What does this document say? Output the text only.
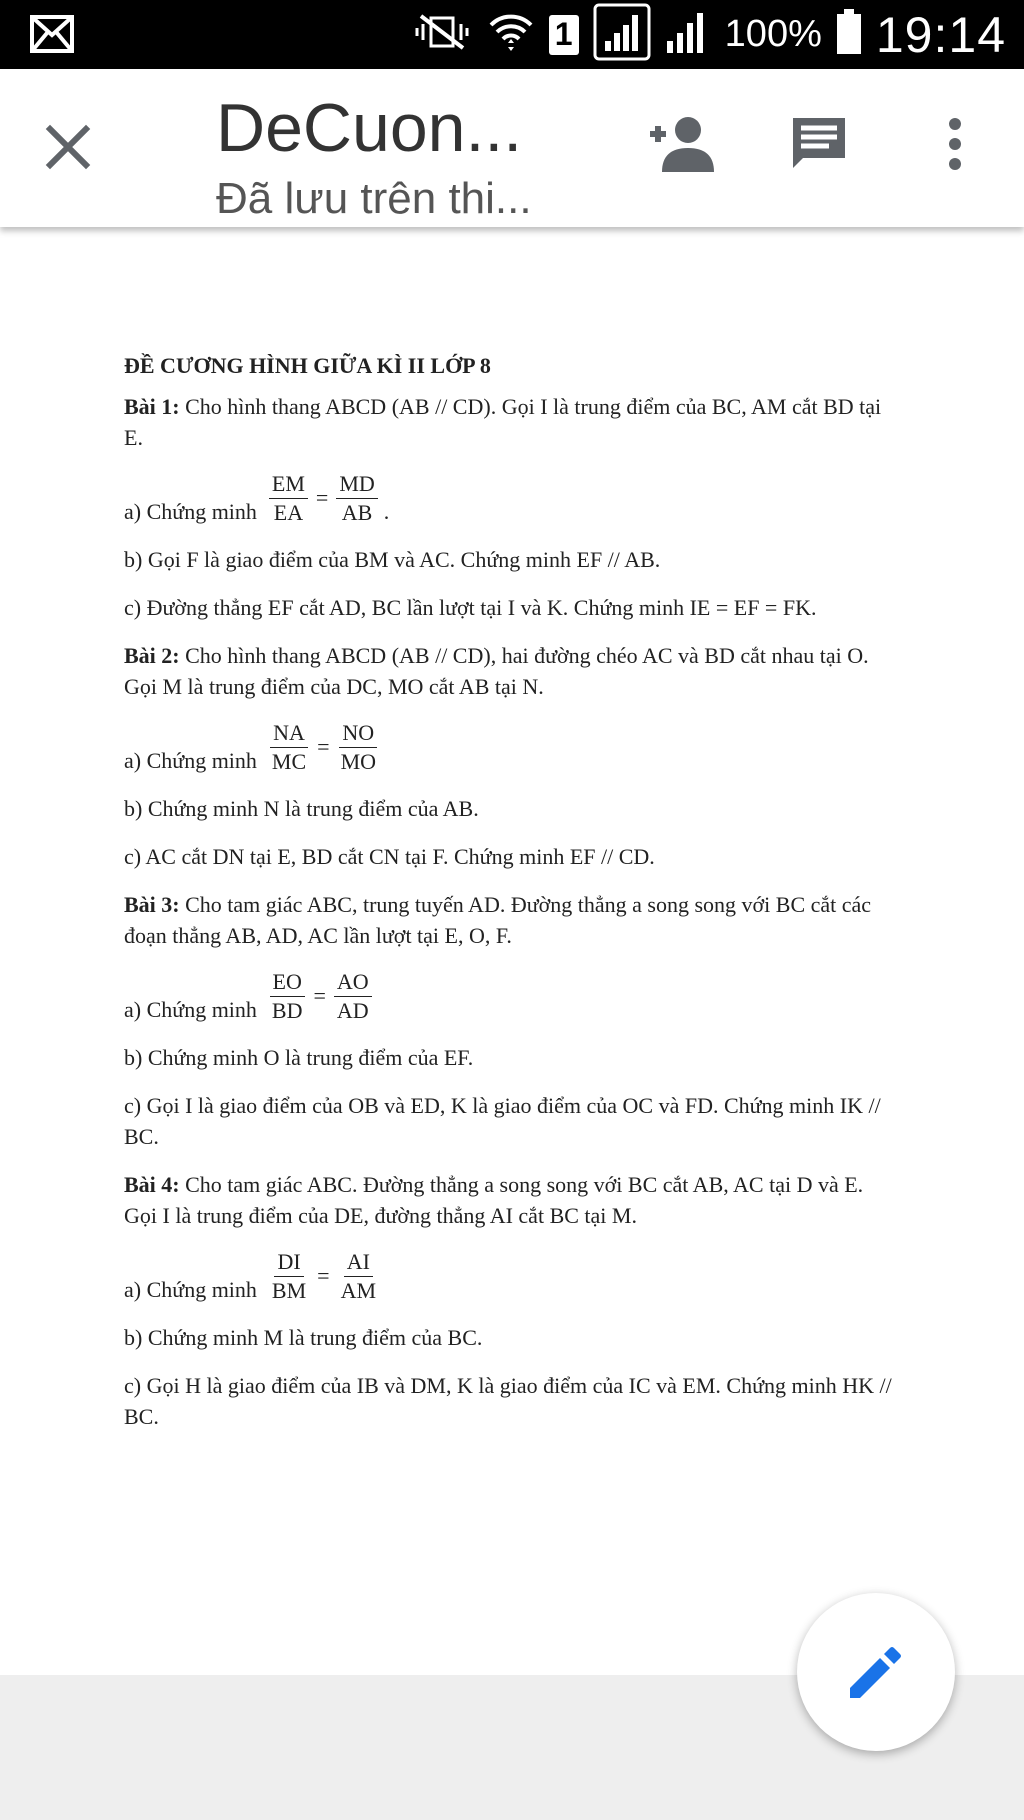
1	100% 19:14
DeCuon...
Đã lưu trên thi...

ĐỀ CƯƠNG HÌNH GIỮA KÌ II LỚP 8

Bài 1: Cho hình thang ABCD (AB // CD). Gọi I là trung điểm của BC, AM cắt BD tại E.

a) Chứng minh $\frac{EM}{EA} = \frac{MD}{AB}$ .

b) Gọi F là giao điểm của BM và AC. Chứng minh EF // AB.

c) Đường thẳng EF cắt AD, BC lần lượt tại I và K. Chứng minh IE = EF = FK.

Bài 2: Cho hình thang ABCD (AB // CD), hai đường chéo AC và BD cắt nhau tại O. Gọi M là trung điểm của DC, MO cắt AB tại N.

a) Chứng minh $\frac{NA}{MC} = \frac{NO}{MO}$

b) Chứng minh N là trung điểm của AB.

c) AC cắt DN tại E, BD cắt CN tại F. Chứng minh EF // CD.

Bài 3: Cho tam giác ABC, trung tuyến AD. Đường thẳng a song song với BC cắt các đoạn thẳng AB, AD, AC lần lượt tại E, O, F.

a) Chứng minh $\frac{EO}{BD} = \frac{AO}{AD}$

b) Chứng minh O là trung điểm của EF.

c) Gọi I là giao điểm của OB và ED, K là giao điểm của OC và FD. Chứng minh IK // BC.

Bài 4: Cho tam giác ABC. Đường thẳng a song song với BC cắt AB, AC tại D và E. Gọi I là trung điểm của DE, đường thẳng AI cắt BC tại M.

a) Chứng minh $\frac{DI}{BM} = \frac{AI}{AM}$

b) Chứng minh M là trung điểm của BC.

c) Gọi H là giao điểm của IB và DM, K là giao điểm của IC và EM. Chứng minh HK // BC.
